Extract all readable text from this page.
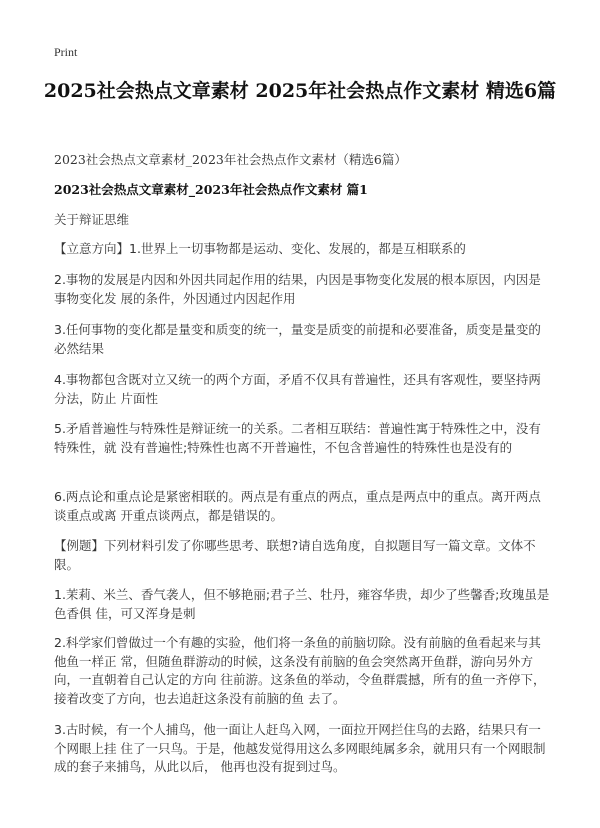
Print
2025社会热点文章素材 2025年社会热点作文素材 精选6篇
2023社会热点文章素材_2023年社会热点作文素材（精选6篇）
2023社会热点文章素材_2023年社会热点作文素材 篇1
关于辩证思维
【立意方向】1.世界上一切事物都是运动、变化、发展的，都是互相联系的
2.事物的发展是内因和外因共同起作用的结果，内因是事物变化发展的根本原因，内因是事物变化发 展的条件，外因通过内因起作用
3.任何事物的变化都是量变和质变的统一，量变是质变的前提和必要准备，质变是量变的必然结果
4.事物都包含既对立又统一的两个方面，矛盾不仅具有普遍性，还具有客观性，要坚持两分法，防止 片面性
5.矛盾普遍性与特殊性是辩证统一的关系。二者相互联结：普遍性寓于特殊性之中，没有特殊性，就 没有普遍性;特殊性也离不开普遍性，不包含普遍性的特殊性也是没有的
6.两点论和重点论是紧密相联的。两点是有重点的两点，重点是两点中的重点。离开两点谈重点或离 开重点谈两点，都是错误的。
【例题】下列材料引发了你哪些思考、联想?请自选角度，自拟题目写一篇文章。文体不限。
1.茉莉、米兰、香气袭人，但不够艳丽;君子兰、牡丹，雍容华贵，却少了些馨香;玫瑰虽是色香俱 佳，可又浑身是刺
2.科学家们曾做过一个有趣的实验，他们将一条鱼的前脑切除。没有前脑的鱼看起来与其他鱼一样正 常，但随鱼群游动的时候，这条没有前脑的鱼会突然离开鱼群，游向另外方向，一直朝着自己认定的方向 往前游。这条鱼的举动，令鱼群震撼，所有的鱼一齐停下，接着改变了方向，也去追赶这条没有前脑的鱼 去了。
3.古时候，有一个人捕鸟，他一面让人赶鸟入网，一面拉开网拦住鸟的去路，结果只有一个网眼上挂 住了一只鸟。于是，他越发觉得用这么多网眼纯属多余，就用只有一个网眼制成的套子来捕鸟，从此以后， 他再也没有捉到过鸟。
